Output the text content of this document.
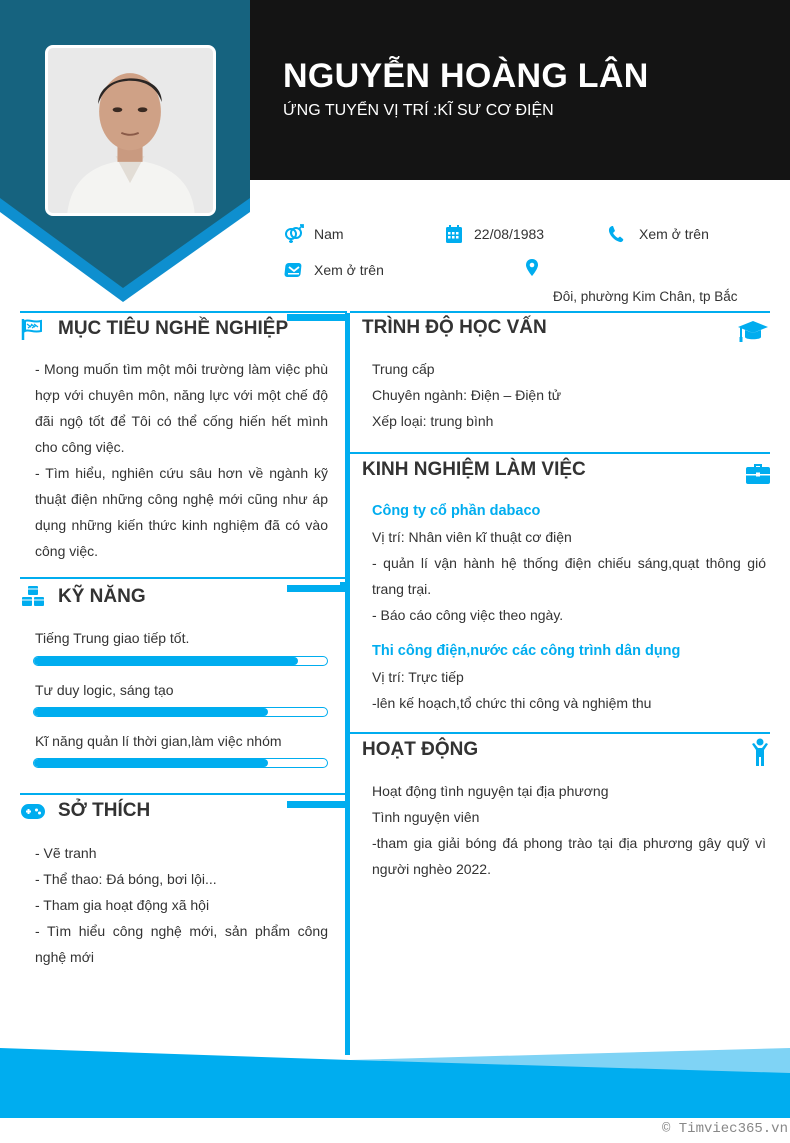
NGUYỄN HOÀNG LÂN
ỨNG TUYỂN VỊ TRÍ :KĨ SƯ CƠ ĐIỆN
Nam	22/08/1983	Xem ở trên
Xem ở trên
Đôi, phường Kim Chân, tp Bắc
MỤC TIÊU NGHỀ NGHIỆP
- Mong muốn tìm một môi trường làm việc phù hợp với chuyên môn, năng lực với một chế độ đãi ngộ tốt để Tôi có thể cống hiến hết mình cho công việc.
- Tìm hiểu, nghiên cứu sâu hơn về ngành kỹ thuật điện những công nghệ mới cũng như áp dụng những kiến thức kinh nghiệm đã có vào công việc.
KỸ NĂNG
Tiếng Trung giao tiếp tốt.
Tư duy logic, sáng tạo
Kĩ năng quản lí thời gian,làm việc nhóm
SỞ THÍCH
- Vẽ tranh
- Thể thao: Đá bóng, bơi lội...
- Tham gia hoạt động xã hội
- Tìm hiểu công nghệ mới, sản phẩm công nghệ mới
TRÌNH ĐỘ HỌC VẤN
Trung cấp
Chuyên ngành: Điện – Điện tử
Xếp loại: trung bình
KINH NGHIỆM LÀM VIỆC
Công ty cổ phần dabaco
Vị trí: Nhân viên kĩ thuật cơ điện
- quản lí vận hành hệ thống điện chiếu sáng,quạt thông gió trang trại.
- Báo cáo công việc theo ngày.
Thi công điện,nước các công trình dân dụng
Vị trí: Trực tiếp
-lên kế hoạch,tổ chức thi công và nghiệm thu
HOẠT ĐỘNG
Hoạt động tình nguyện tại địa phương
Tình nguyện viên
-tham gia giải bóng đá phong trào tại địa phương gây quỹ vì người nghèo 2022.
© Timviec365.vn
